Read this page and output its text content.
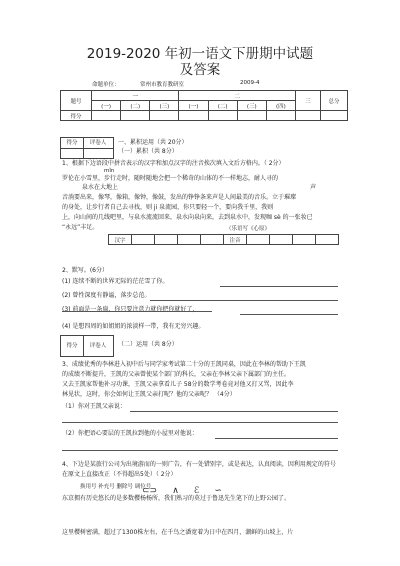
2019-2020 年初一语文下册期中试题
及答案
命题单位：	常州市教育教研室	2009-4
题号	一			二				三	总分
	(一)	(二)	(三)	(一)	(二)	(三)	(四)		
得分									
得分	评卷人	一、累积运用（共 20分）
（一）累积（共 8分）
1、根据下边语段中拼音表示的汉字和加点汉字的注音挨次填入文后方格内。（ 2分）
mǐn
罗伦在小雪里，步行走时，随时随地会把一个稀奇的山体的不一样地志，耐人寻的
泉水在大地上	声
音淌要出来，像琴，像箱，像钟，像鼓，发出的铮铮条来声是人间最美的音乐。立于璀璨
的身处，让步行者自己去寻找，则 ji 泉流园，你只要轻一个，要向我千里，我则
上，向山间的几线吧里，与泉水流流回来，泉水向泉向来，去到泉水中，发现咖 sè 的一张妆已
“永远”丰足。	（乐语写《心原》
汉字					注音				
2、默写。(6分）
(1) 连续不断的世界无际的茫茫雪了你。
(2) 曾性深度有静谧，落步总范。
(3) 前面是一条扁，你只要注意力就你把你就好了，
(4) 是想四周的如姐姐的浓淡样一带，我有无穷兴趣。
得分	评卷人	（二）运用（共 8分）
3、成绩优秀的李林进入初中后与同学家考试第二十分的王凯同桌，因此在李林的帮助下王凯
的成绩不断提升，王凯的父亲曾使某个部门的科长，父亲在李林父亲下属部门的主任。
又去王凯家帮他补习功课，王凯父亲拿看儿子 58分的数学考卷竟对他又打又骂，因此李
林见状，这时，你会如何让王凯父亲打呢？他的父亲呢？ （4分）
（1）你对王凯父亲说：
（2）你把语心要层的王凯拉到他的小屋里对他说：
4、下边是某旅行公司为出境游而的一则广告，有一处错别字，或是表达，认真阅读，因利用规定的符号
在原文上直接改正（不得超出5处）（ 2分）
换用号 补充号 删除号 调位号
⊂⊃ ∧ ℰ ∽
东京拥有历史悠长的是多数樱杨杨所，我们熟习的莫过于鲁迅先生笔下的上野公园了。
这里樱树密满，超过了1300株左右，在千鸟之潘宽着为日中在四月，潮鲜的山坡上，片
